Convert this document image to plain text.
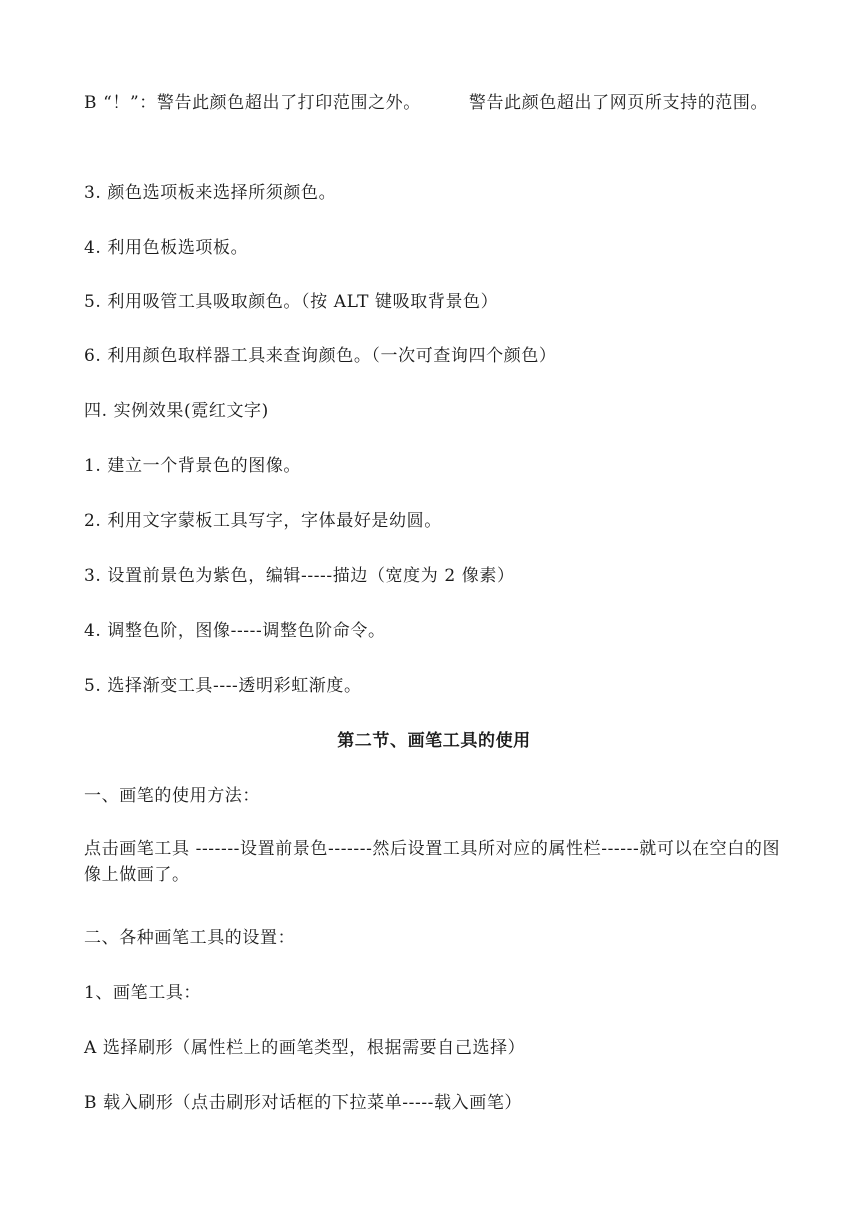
B “！”：警告此颜色超出了打印范围之外。	警告此颜色超出了网页所支持的范围。
3. 颜色选项板来选择所须颜色。
4. 利用色板选项板。
5. 利用吸管工具吸取颜色。（按 ALT 键吸取背景色）
6. 利用颜色取样器工具来查询颜色。（一次可查询四个颜色）
四. 实例效果(霓红文字)
1. 建立一个背景色的图像。
2. 利用文字蒙板工具写字，字体最好是幼圆。
3. 设置前景色为紫色，编辑-----描边（宽度为 2 像素）
4. 调整色阶，图像-----调整色阶命令。
5. 选择渐变工具----透明彩虹渐度。
第二节、画笔工具的使用
一、画笔的使用方法：
点击画笔工具 -------设置前景色-------然后设置工具所对应的属性栏------就可以在空白的图像上做画了。
二、各种画笔工具的设置：
1、画笔工具：
A 选择刷形（属性栏上的画笔类型，根据需要自己选择）
B 载入刷形（点击刷形对话框的下拉菜单-----载入画笔）
